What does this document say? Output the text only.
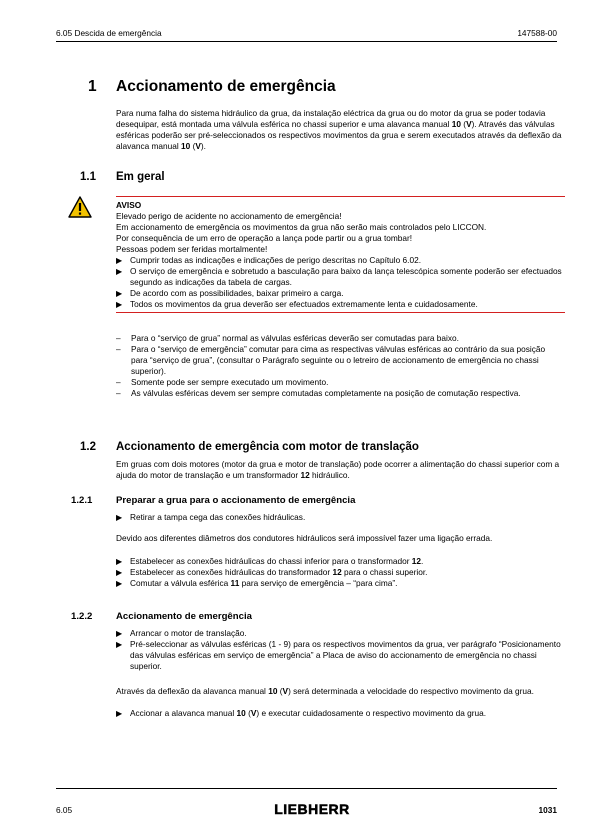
6.05 Descida de emergência	147588-00
1 Accionamento de emergência
Para numa falha do sistema hidráulico da grua, da instalação eléctrica da grua ou do motor da grua se poder todavia desequipar, está montada uma válvula esférica no chassi superior e uma alavanca manual 10 (V). Através das válvulas esféricas poderão ser pré-seleccionados os respectivos movimentos da grua e serem executados através da deflexão da alavanca manual 10 (V).
1.1 Em geral
AVISO
Elevado perigo de acidente no accionamento de emergência!
Em accionamento de emergência os movimentos da grua não serão mais controlados pelo LICCON.
Por consequência de um erro de operação a lança pode partir ou a grua tombar!
Pessoas podem ser feridas mortalmente!
▶ Cumprir todas as indicações e indicações de perigo descritas no Capítulo 6.02.
▶ O serviço de emergência e sobretudo a basculação para baixo da lança telescópica somente poderão ser efectuados segundo as indicações da tabela de cargas.
▶ De acordo com as possibilidades, baixar primeiro a carga.
▶ Todos os movimentos da grua deverão ser efectuados extremamente lenta e cuidadosamente.
– Para o “serviço de grua” normal as válvulas esféricas deverão ser comutadas para baixo.
– Para o “serviço de emergência” comutar para cima as respectivas válvulas esféricas ao contrário da sua posição para “serviço de grua”, (consultar o Parágrafo seguinte ou o letreiro de accionamento de emergência no chassi superior).
– Somente pode ser sempre executado um movimento.
– As válvulas esféricas devem ser sempre comutadas completamente na posição de comutação respectiva.
1.2 Accionamento de emergência com motor de translação
Em gruas com dois motores (motor da grua e motor de translação) pode ocorrer a alimentação do chassi superior com a ajuda do motor de translação e um transformador 12 hidráulico.
1.2.1 Preparar a grua para o accionamento de emergência
▶ Retirar a tampa cega das conexões hidráulicas.
Devido aos diferentes diâmetros dos condutores hidráulicos será impossível fazer uma ligação errada.
▶ Estabelecer as conexões hidráulicas do chassi inferior para o transformador 12.
▶ Estabelecer as conexões hidráulicas do transformador 12 para o chassi superior.
▶ Comutar a válvula esférica 11 para serviço de emergência – “para cima”.
1.2.2 Accionamento de emergência
▶ Arrancar o motor de translação.
▶ Pré-seleccionar as válvulas esféricas (1 - 9) para os respectivos movimentos da grua, ver parágrafo “Posicionamento das válvulas esféricas em serviço de emergência” a Placa de aviso do accionamento de emergência no chassi superior.
Através da deflexão da alavanca manual 10 (V) será determinada a velocidade do respectivo movimento da grua.
▶ Accionar a alavanca manual 10 (V) e executar cuidadosamente o respectivo movimento da grua.
6.05	LIEBHERR	1031
